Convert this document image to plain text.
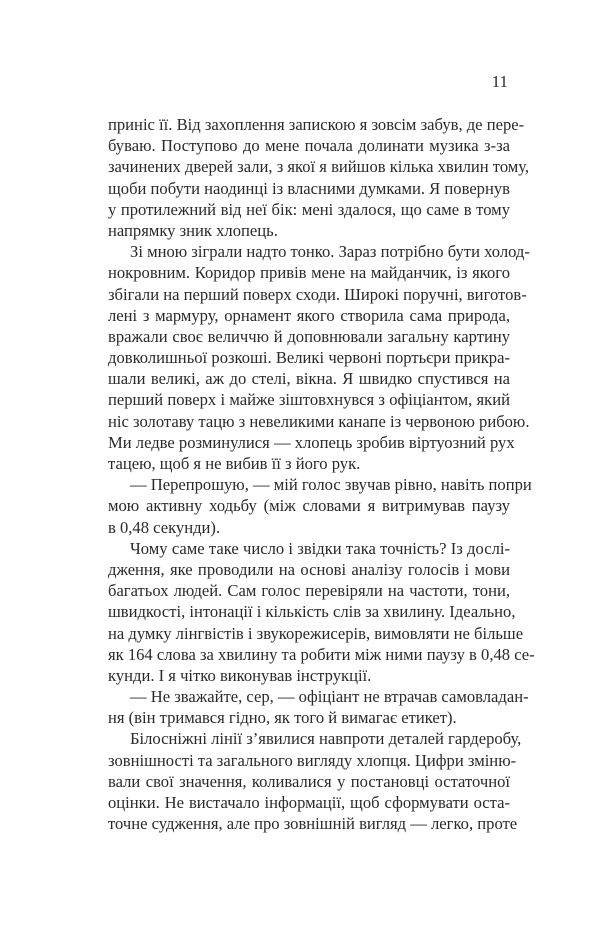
11
приніс її. Від захоплення запискою я зовсім забув, де пере-
буваю. Поступово до мене почала долинати музика з-за
зачинених дверей зали, з якої я вийшов кілька хвилин тому,
щоби побути наодинці із власними думками. Я повернув
у протилежний від неї бік: мені здалося, що саме в тому
напрямку зник хлопець.
Зі мною зіграли надто тонко. Зараз потрібно бути холод-
нокровним. Коридор привів мене на майданчик, із якого
збігали на перший поверх сходи. Широкі поручні, виготов-
лені з мармуру, орнамент якого створила сама природа,
вражали своє величчю й доповнювали загальну картину
довколишньої розкоші. Великі червоні портьєри прикра-
шали великі, аж до стелі, вікна. Я швидко спустився на
перший поверх і майже зіштовхнувся з офіціантом, який
ніс золотаву тацю з невеликими канапе із червоною рибою.
Ми ледве розминулися — хлопець зробив віртуозний рух
тацею, щоб я не вибив її з його рук.
— Перепрошую, — мій голос звучав рівно, навіть попри
мою активну ходьбу (між словами я витримував паузу
в 0,48 секунди).
Чому саме таке число і звідки така точність? Із дослі-
дження, яке проводили на основі аналізу голосів і мови
багатьох людей. Сам голос перевіряли на частоти, тони,
швидкості, інтонації і кількість слів за хвилину. Ідеально,
на думку лінгвістів і звукорежисерів, вимовляти не більше
як 164 слова за хвилину та робити між ними паузу в 0,48 се-
кунди. І я чітко виконував інструкції.
— Не зважайте, сер, — офіціант не втрачав самовладан-
ня (він тримався гідно, як того й вимагає етикет).
Білосніжні лінії з’явилися навпроти деталей гардеробу,
зовнішності та загального вигляду хлопця. Цифри зміню-
вали свої значення, коливалися у постановці остаточної
оцінки. Не вистачало інформації, щоб сформувати оста-
точне судження, але про зовнішній вигляд — легко, проте
